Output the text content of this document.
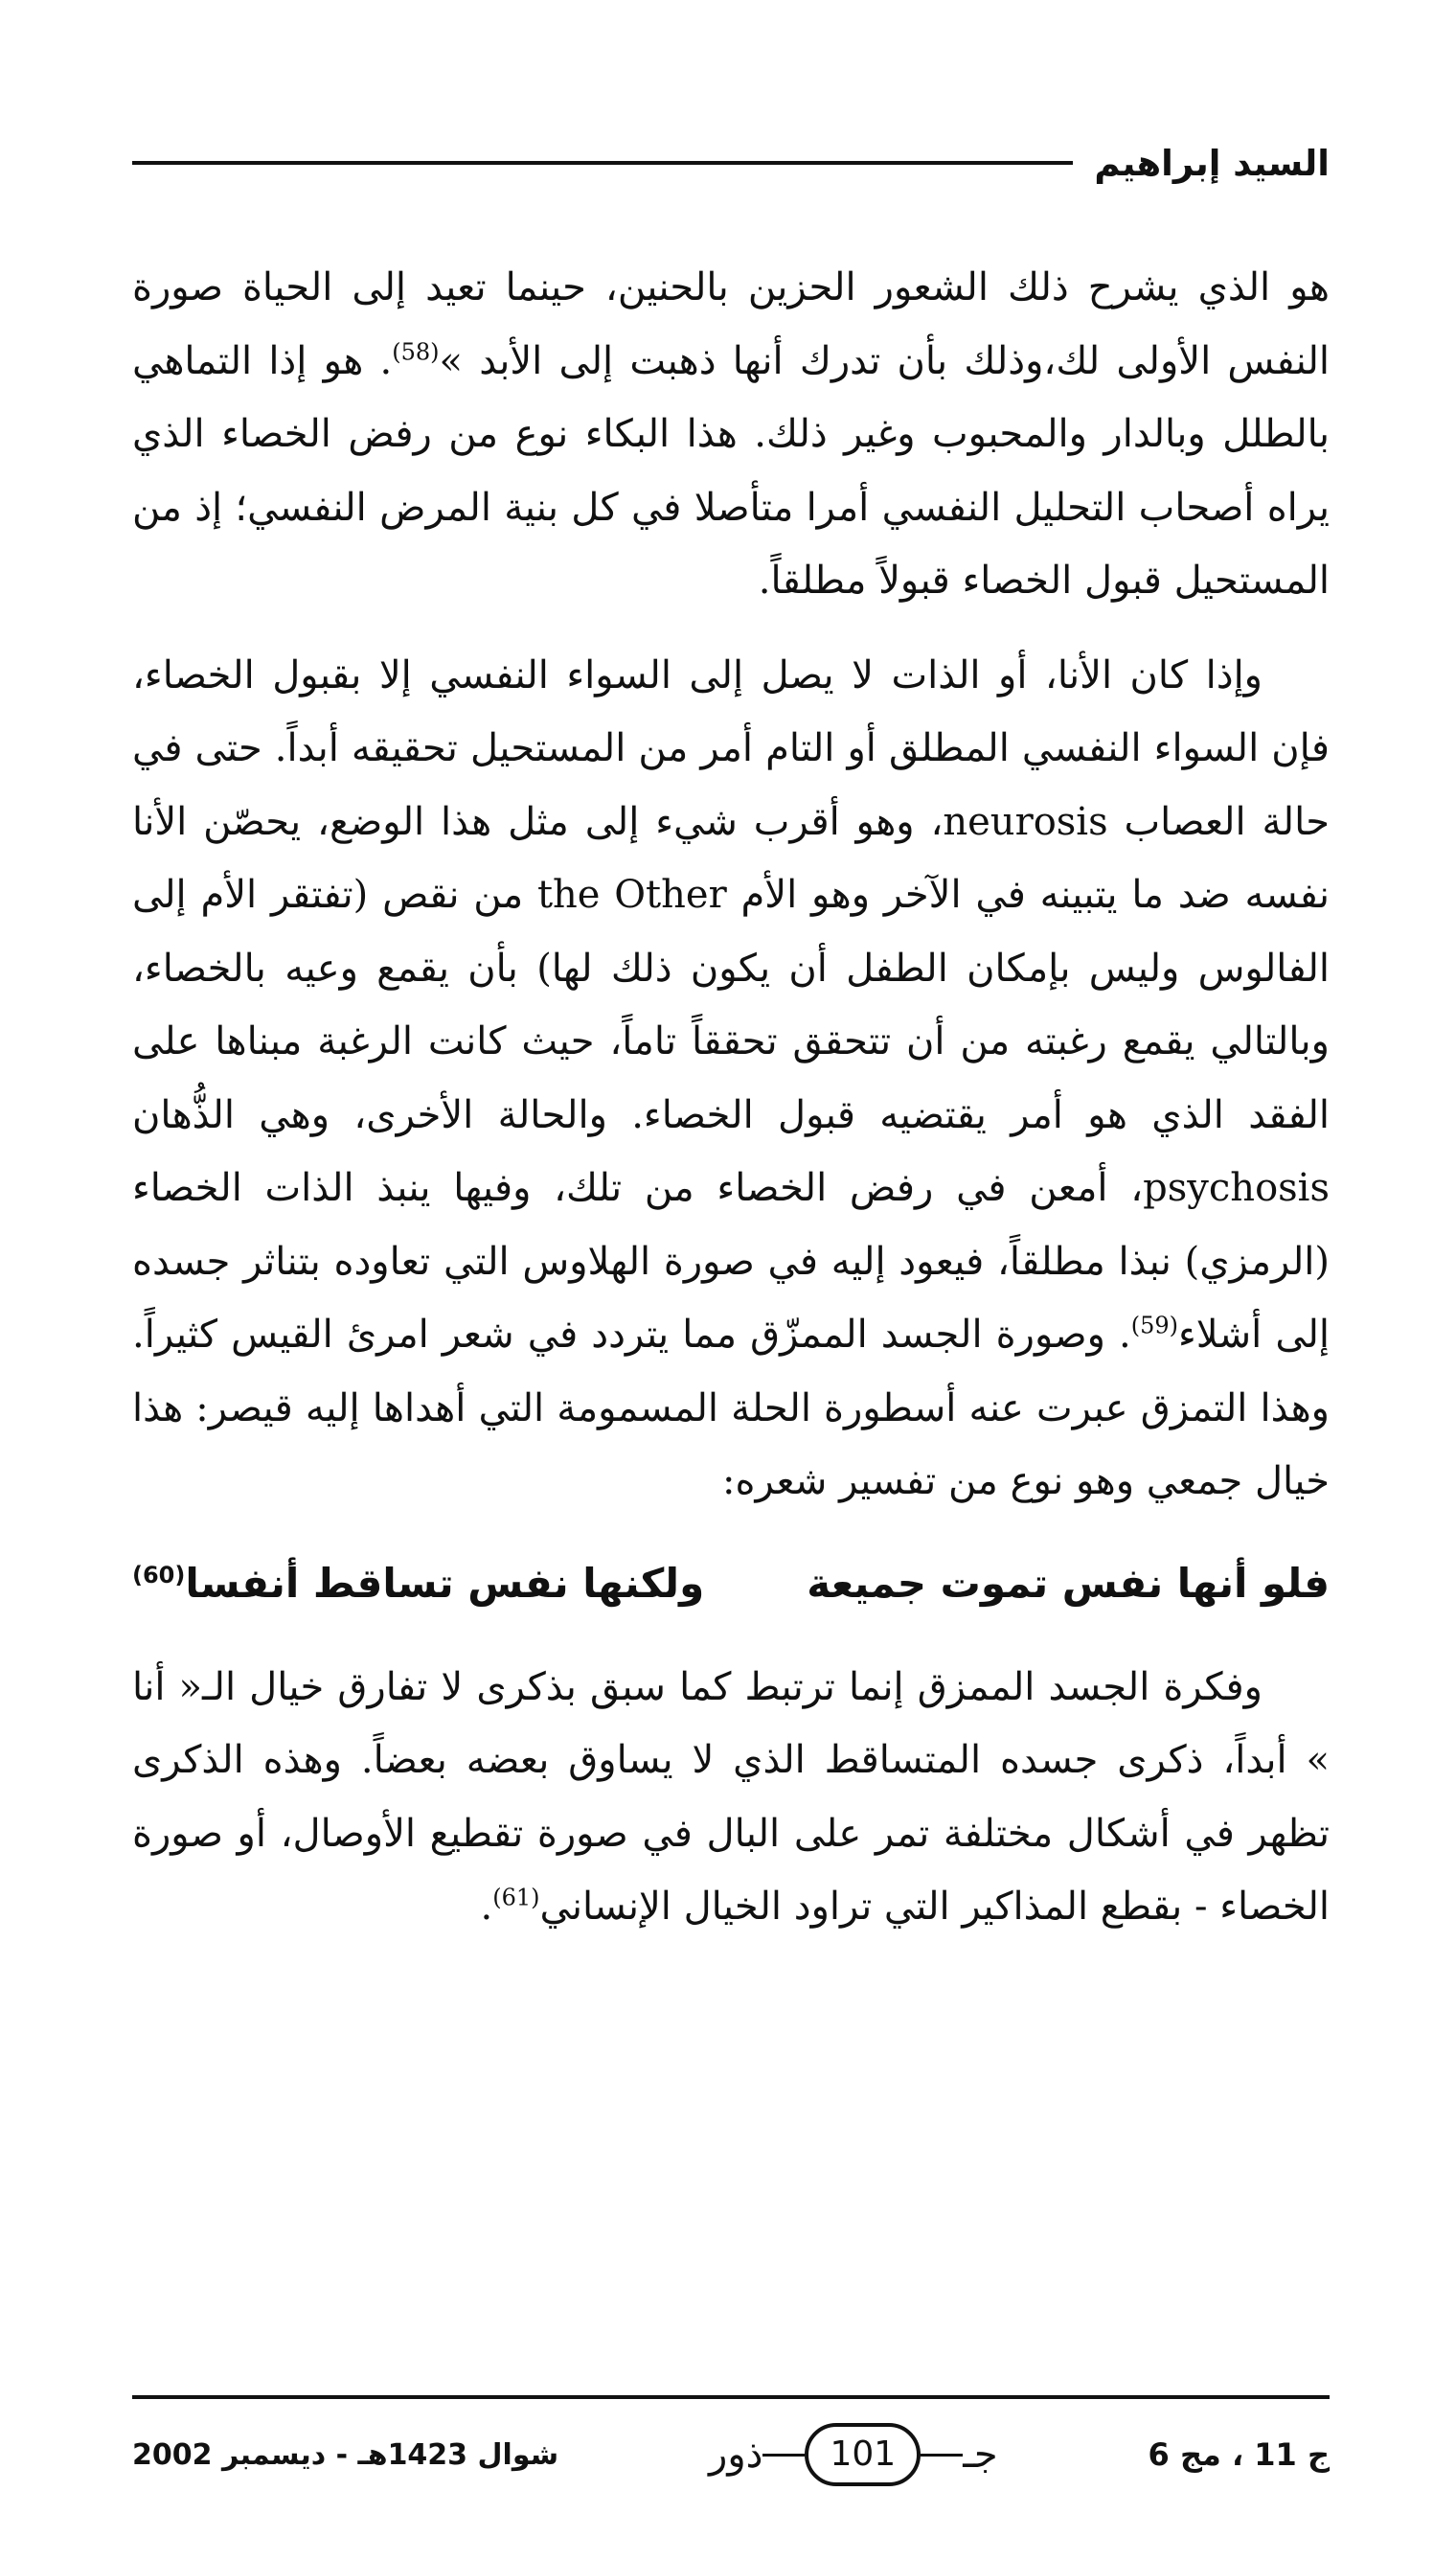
السيد إبراهيم

هو الذي يشرح ذلك الشعور الحزين بالحنين، حينما تعيد إلى الحياة صورة النفس الأولى لك،وذلك بأن تدرك أنها ذهبت إلى الأبد »$^{(58)}$. هو إذا التماهي بالطلل وبالدار والمحبوب وغير ذلك. هذا البكاء نوع من رفض الخصاء الذي يراه أصحاب التحليل النفسي أمرا متأصلا في كل بنية المرض النفسي؛ إذ من المستحيل قبول الخصاء قبولاً مطلقاً.

وإذا كان الأنا، أو الذات لا يصل إلى السواء النفسي إلا بقبول الخصاء، فإن السواء النفسي المطلق أو التام أمر من المستحيل تحقيقه أبداً. حتى في حالة العصاب neurosis، وهو أقرب شيء إلى مثل هذا الوضع، يحصّن الأنا نفسه ضد ما يتبينه في الآخر وهو الأم the Other من نقص (تفتقر الأم إلى الفالوس وليس بإمكان الطفل أن يكون ذلك لها) بأن يقمع وعيه بالخصاء، وبالتالي يقمع رغبته من أن تتحقق تحققاً تاماً، حيث كانت الرغبة مبناها على الفقد الذي هو أمر يقتضيه قبول الخصاء. والحالة الأخرى، وهي الذُّهان psychosis، أمعن في رفض الخصاء من تلك، وفيها ينبذ الذات الخصاء (الرمزي) نبذا مطلقاً، فيعود إليه في صورة الهلاوس التي تعاوده بتناثر جسده إلى أشلاء$^{(59)}$. وصورة الجسد الممزّق مما يتردد في شعر امرئ القيس كثيراً. وهذا التمزق عبرت عنه أسطورة الحلة المسمومة التي أهداها إليه قيصر: هذا خيال جمعي وهو نوع من تفسير شعره:

فلو أنها نفس تموت جميعة
ولكنها نفس تساقط أنفسا$^{(60)}$

وفكرة الجسد الممزق إنما ترتبط كما سبق بذكرى لا تفارق خيال الـ« أنا » أبداً، ذكرى جسده المتساقط الذي لا يساوق بعضه بعضاً. وهذه الذكرى تظهر في أشكال مختلفة تمر على البال في صورة تقطيع الأوصال، أو صورة الخصاء - بقطع المذاكير التي تراود الخيال الإنساني$^{(61)}$.

ج 11 ، مج 6
جـ
101
ذور
شوال 1423هـ - ديسمبر 2002
